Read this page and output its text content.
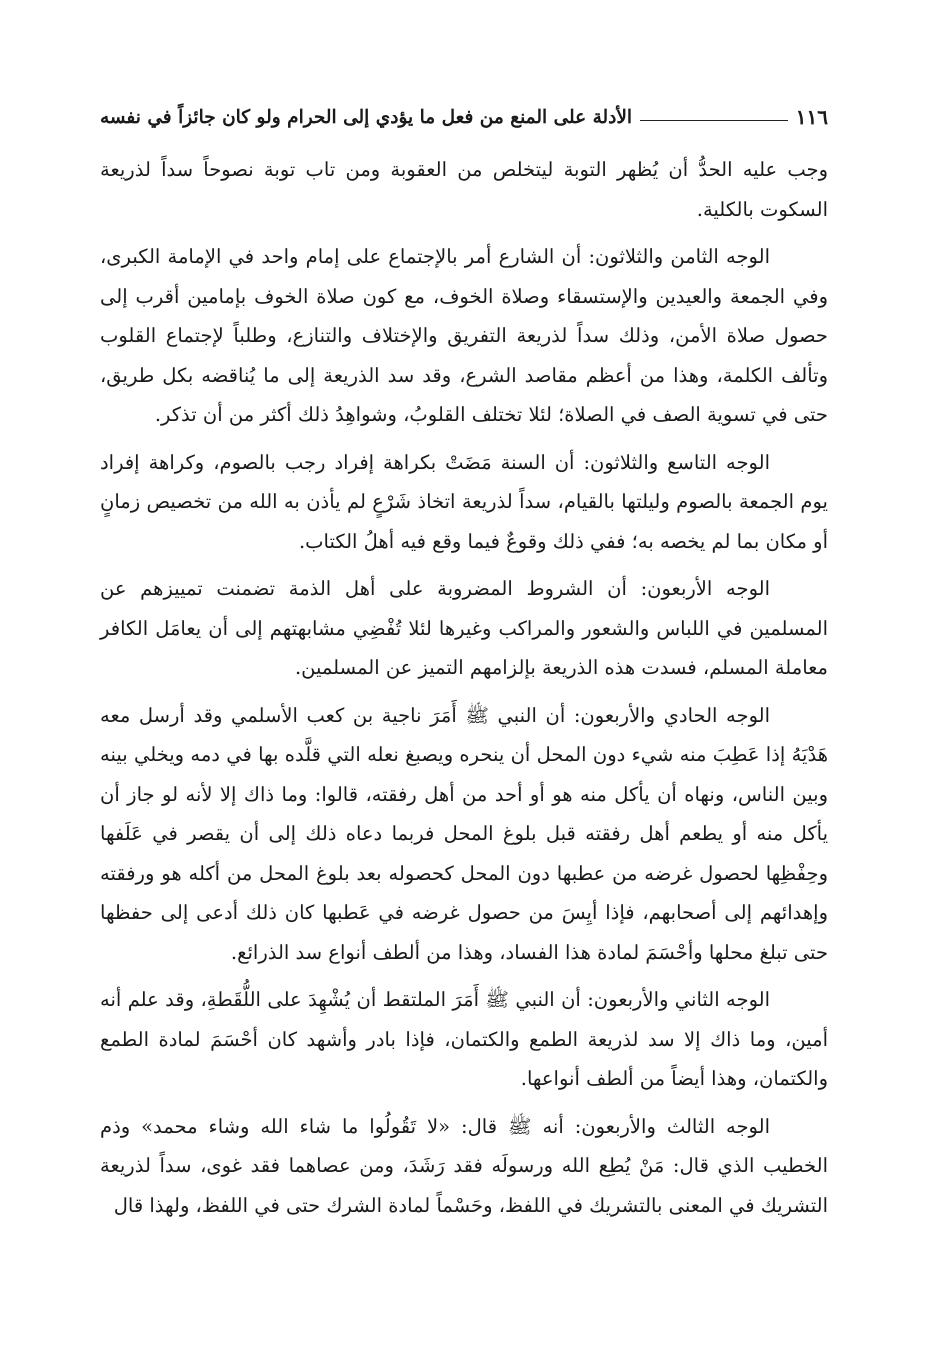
١١٦
الأدلة على المنع من فعل ما يؤدي إلى الحرام ولو كان جائزاً في نفسه

وجب عليه الحدُّ أن يُظهر التوبة ليتخلص من العقوبة ومن تاب توبة نصوحاً سداً لذريعة السكوت بالكلية.

الوجه الثامن والثلاثون: أن الشارع أمر بالإجتماع على إمام واحد في الإمامة الكبرى، وفي الجمعة والعيدين والإستسقاء وصلاة الخوف، مع كون صلاة الخوف بإمامين أقرب إلى حصول صلاة الأمن، وذلك سداً لذريعة التفريق والإختلاف والتنازع، وطلباً لإجتماع القلوب وتألف الكلمة، وهذا من أعظم مقاصد الشرع، وقد سد الذريعة إلى ما يُناقضه بكل طريق، حتى في تسوية الصف في الصلاة؛ لئلا تختلف القلوبُ، وشواهِدُ ذلك أكثر من أن تذكر.

الوجه التاسع والثلاثون: أن السنة مَضَتْ بكراهة إفراد رجب بالصوم، وكراهة إفراد يوم الجمعة بالصوم وليلتها بالقيام، سداً لذريعة اتخاذ شَرْعٍ لم يأذن به الله من تخصيص زمانٍ أو مكان بما لم يخصه به؛ ففي ذلك وقوعٌ فيما وقع فيه أهلُ الكتاب.

الوجه الأربعون: أن الشروط المضروبة على أهل الذمة تضمنت تمييزهم عن المسلمين في اللباس والشعور والمراكب وغيرها لئلا تُفْضِي مشابهتهم إلى أن يعامَل الكافر معاملة المسلم، فسدت هذه الذريعة بإلزامهم التميز عن المسلمين.

الوجه الحادي والأربعون: أن النبي ﷺ أَمَرَ ناجية بن كعب الأسلمي وقد أرسل معه هَدْيَهُ إذا عَطِبَ منه شيء دون المحل أن ينحره ويصبغ نعله التي قلَّده بها في دمه ويخلي بينه وبين الناس، ونهاه أن يأكل منه هو أو أحد من أهل رفقته، قالوا: وما ذاك إلا لأنه لو جاز أن يأكل منه أو يطعم أهل رفقته قبل بلوغ المحل فربما دعاه ذلك إلى أن يقصر في عَلَفها وحِفْظِها لحصول غرضه من عطبها دون المحل كحصوله بعد بلوغ المحل من أكله هو ورفقته وإهدائهم إلى أصحابهم، فإذا أيِسَ من حصول غرضه في عَطبها كان ذلك أدعى إلى حفظها حتى تبلغ محلها وأحْسَمَ لمادة هذا الفساد، وهذا من ألطف أنواع سد الذرائع.

الوجه الثاني والأربعون: أن النبي ﷺ أَمَرَ الملتقط أن يُشْهِدَ على اللُّقَطةِ، وقد علم أنه أمين، وما ذاك إلا سد لذريعة الطمع والكتمان، فإذا بادر وأشهد كان أحْسَمَ لمادة الطمع والكتمان، وهذا أيضاً من ألطف أنواعها.

الوجه الثالث والأربعون: أنه ﷺ قال: «لا تَقُولُوا ما شاء الله وشاء محمد» وذم الخطيب الذي قال: مَنْ يُطِع الله ورسولَه فقد رَشَدَ، ومن عصاهما فقد غوى، سداً لذريعة التشريك في المعنى بالتشريك في اللفظ، وحَسْماً لمادة الشرك حتى في اللفظ، ولهذا قال
